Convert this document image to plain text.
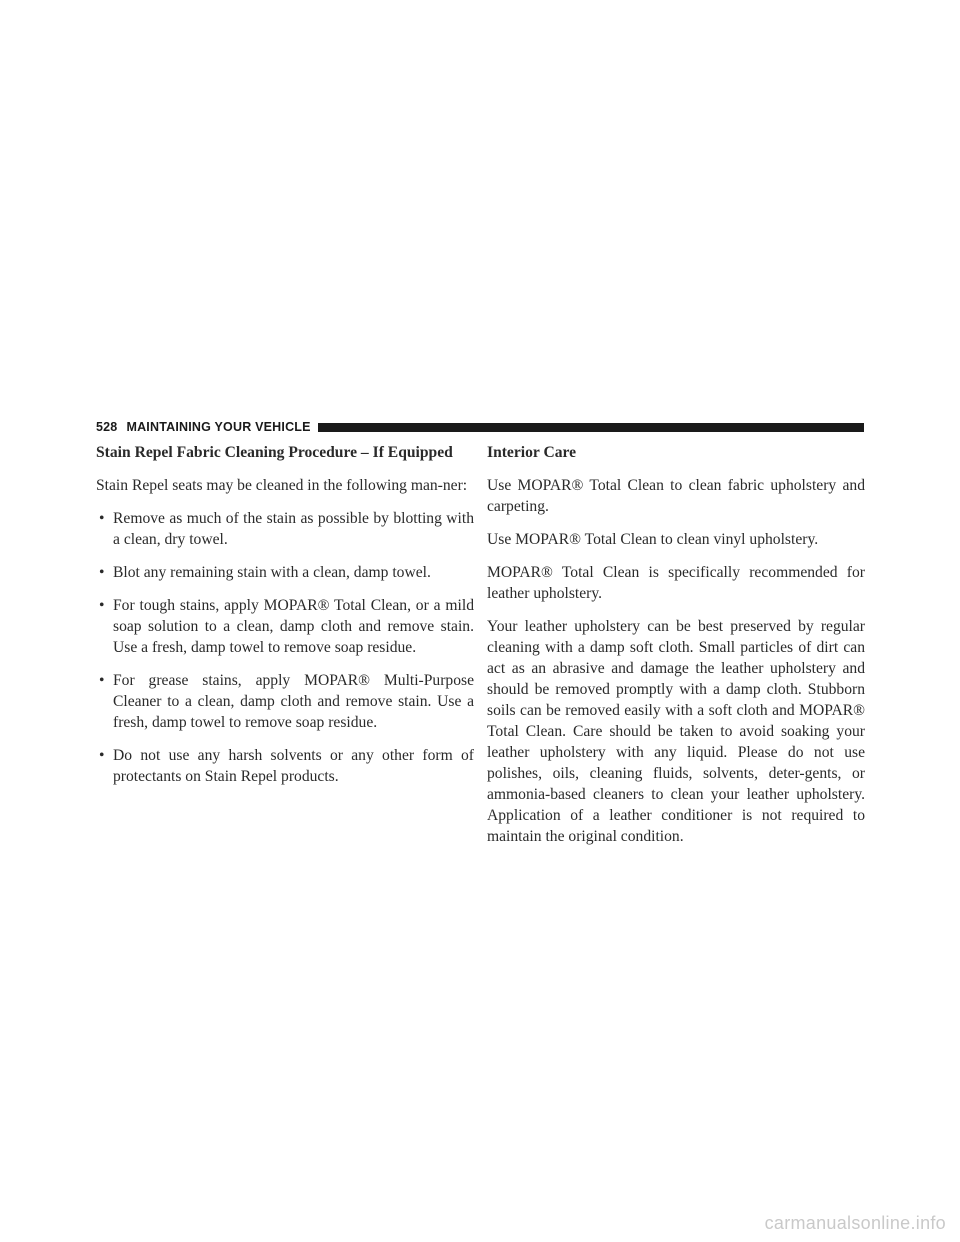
528 MAINTAINING YOUR VEHICLE
Stain Repel Fabric Cleaning Procedure – If Equipped

Stain Repel seats may be cleaned in the following man-ner:

• Remove as much of the stain as possible by blotting with a clean, dry towel.
• Blot any remaining stain with a clean, damp towel.
• For tough stains, apply MOPAR® Total Clean, or a mild soap solution to a clean, damp cloth and remove stain. Use a fresh, damp towel to remove soap residue.
• For grease stains, apply MOPAR® Multi-Purpose Cleaner to a clean, damp cloth and remove stain. Use a fresh, damp towel to remove soap residue.
• Do not use any harsh solvents or any other form of protectants on Stain Repel products.
Interior Care

Use MOPAR® Total Clean to clean fabric upholstery and carpeting.

Use MOPAR® Total Clean to clean vinyl upholstery.

MOPAR® Total Clean is specifically recommended for leather upholstery.

Your leather upholstery can be best preserved by regular cleaning with a damp soft cloth. Small particles of dirt can act as an abrasive and damage the leather upholstery and should be removed promptly with a damp cloth. Stubborn soils can be removed easily with a soft cloth and MOPAR® Total Clean. Care should be taken to avoid soaking your leather upholstery with any liquid. Please do not use polishes, oils, cleaning fluids, solvents, deter-gents, or ammonia-based cleaners to clean your leather upholstery. Application of a leather conditioner is not required to maintain the original condition.

carmanualsonline.info
